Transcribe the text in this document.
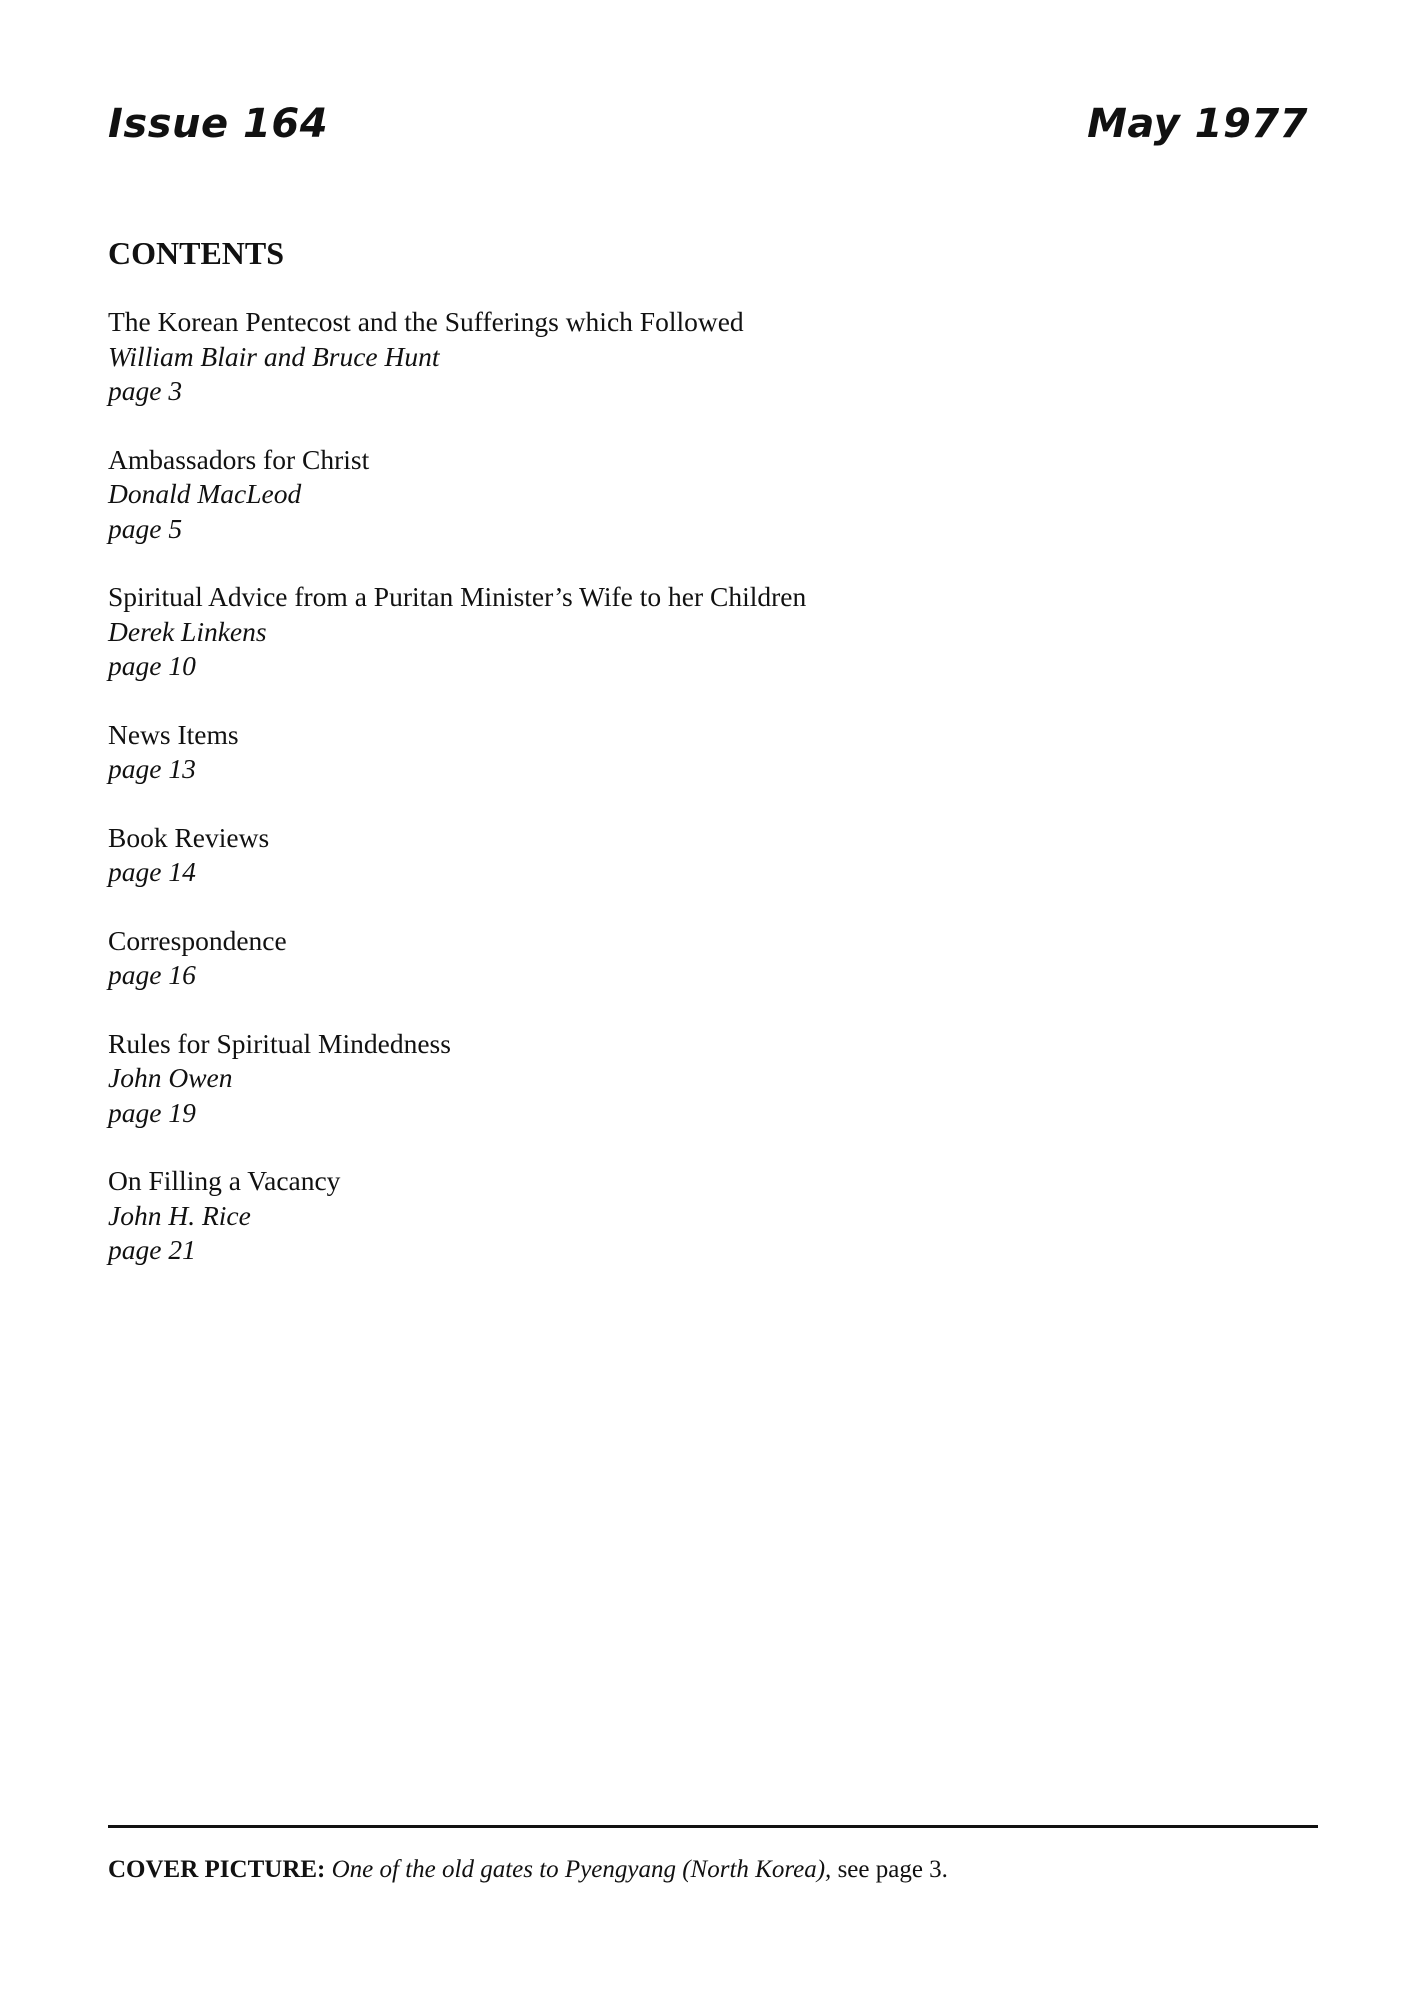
Issue 164	May 1977
CONTENTS
The Korean Pentecost and the Sufferings which Followed
William Blair and Bruce Hunt
page 3
Ambassadors for Christ
Donald MacLeod
page 5
Spiritual Advice from a Puritan Minister’s Wife to her Children
Derek Linkens
page 10
News Items
page 13
Book Reviews
page 14
Correspondence
page 16
Rules for Spiritual Mindedness
John Owen
page 19
On Filling a Vacancy
John H. Rice
page 21

COVER PICTURE: One of the old gates to Pyengyang (North Korea), see page 3.
